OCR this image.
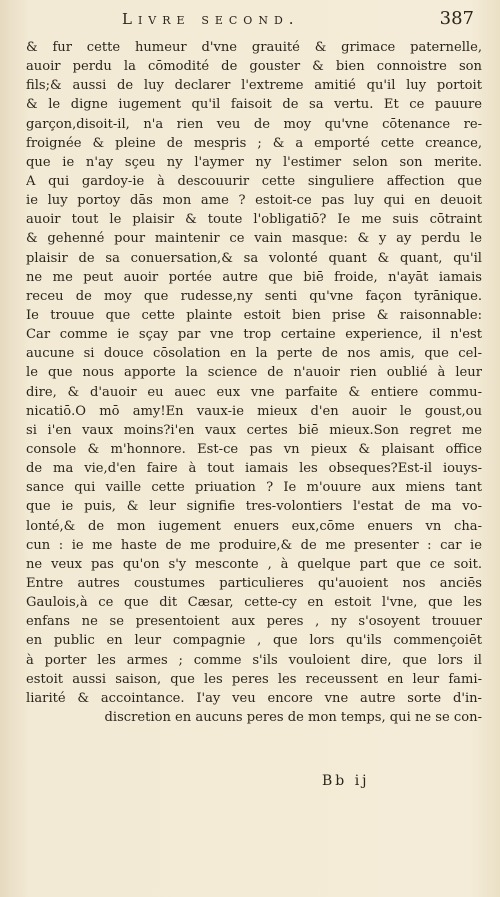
Livre second.	387
& fur cette humeur d'vne grauité & grimace paternelle,
auoir perdu la cōmodité de gouster & bien connoistre son
fils;& aussi de luy declarer l'extreme amitié qu'il luy portoit
& le digne iugement qu'il faisoit de sa vertu. Et ce pauure
garçon,disoit-il, n'a rien veu de moy qu'vne cōtenance re-
froignée & pleine de mespris ; & a emporté cette creance,
que ie n'ay sçeu ny l'aymer ny l'estimer selon son merite.
A qui gardoy-ie à descouurir cette singuliere affection que
ie luy portoy dās mon ame ? estoit-ce pas luy qui en deuoit
auoir tout le plaisir & toute l'obligatiō? Ie me suis cōtraint
& gehenné pour maintenir ce vain masque: & y ay perdu le
plaisir de sa conuersation,& sa volonté quant & quant, qu'il
ne me peut auoir portée autre que biē froide, n'ayāt iamais
receu de moy que rudesse,ny senti qu'vne façon tyrānique.
Ie trouue que cette plainte estoit bien prise & raisonnable:
Car comme ie sçay par vne trop certaine experience, il n'est
aucune si douce cōsolation en la perte de nos amis, que cel-
le que nous apporte la science de n'auoir rien oublié à leur
dire, & d'auoir eu auec eux vne parfaite & entiere commu-
nicatiō.O mō amy!En vaux-ie mieux d'en auoir le goust,ou
si i'en vaux moins?i'en vaux certes biē mieux.Son regret me
console & m'honnore. Est-ce pas vn pieux & plaisant office
de ma vie,d'en faire à tout iamais les obseques?Est-il iouys-
sance qui vaille cette priuation ? Ie m'ouure aux miens tant
que ie puis, & leur signifie tres-volontiers l'estat de ma vo-
lonté,& de mon iugement enuers eux,cōme enuers vn cha-
cun : ie me haste de me produire,& de me presenter : car ie
ne veux pas qu'on s'y mesconte , à quelque part que ce soit.
Entre autres coustumes particulieres qu'auoient nos anciēs
Gaulois,à ce que dit Cæsar, cette-cy en estoit l'vne, que les
enfans ne se presentoient aux peres , ny s'osoyent trouuer
en public en leur compagnie , que lors qu'ils commençoiēt
à porter les armes ; comme s'ils vouloient dire, que lors il
estoit aussi saison, que les peres les receussent en leur fami-
liarité & accointance. I'ay veu encore vne autre sorte d'in-
discretion en aucuns peres de mon temps, qui ne se con-
Bb ij
